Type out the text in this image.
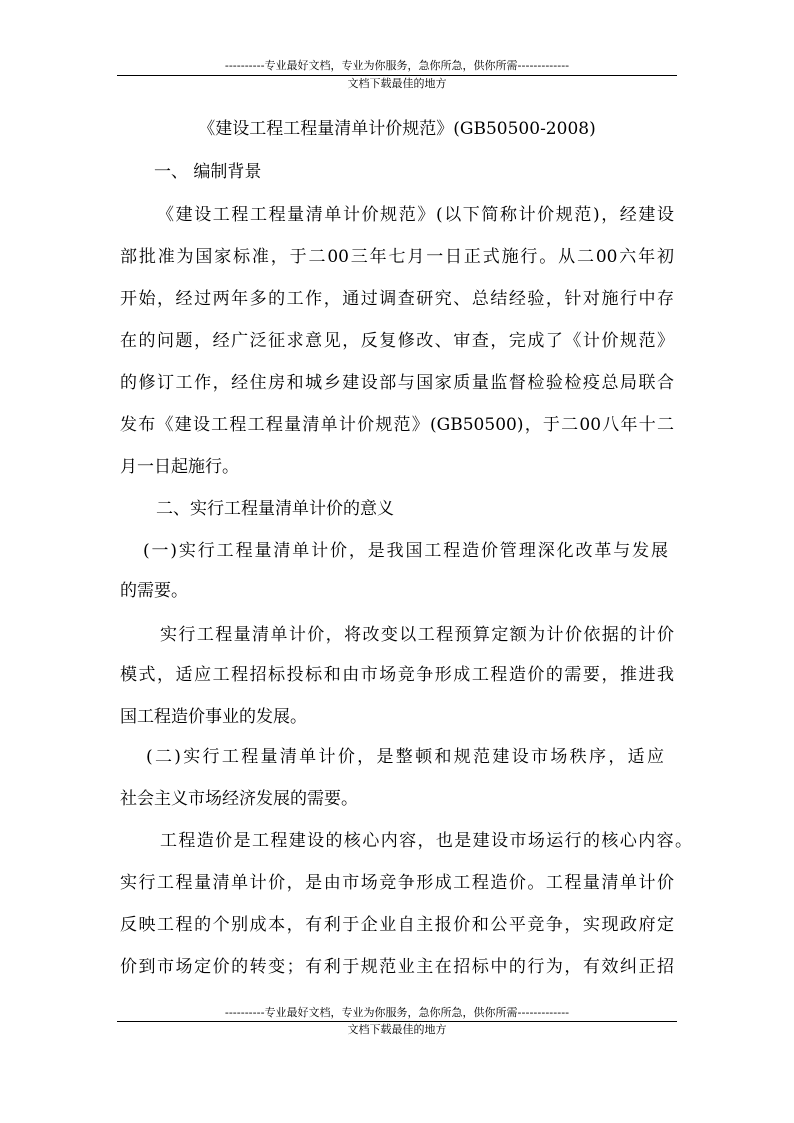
----------专业最好文档，专业为你服务，急你所急，供你所需-------------
文档下载最佳的地方
《建设工程工程量清单计价规范》(GB50500-2008)
一、 编制背景
《建设工程工程量清单计价规范》(以下简称计价规范)，经建设
部批准为国家标准，于二00三年七月一日正式施行。从二00六年初
开始，经过两年多的工作，通过调查研究、总结经验，针对施行中存
在的问题，经广泛征求意见，反复修改、审查，完成了《计价规范》
的修订工作，经住房和城乡建设部与国家质量监督检验检疫总局联合
发布《建设工程工程量清单计价规范》(GB50500)，于二00八年十二
月一日起施行。
二、实行工程量清单计价的意义
(一)实行工程量清单计价，是我国工程造价管理深化改革与发展
的需要。
实行工程量清单计价，将改变以工程预算定额为计价依据的计价
模式，适应工程招标投标和由市场竞争形成工程造价的需要，推进我
国工程造价事业的发展。
(二)实行工程量清单计价，是整顿和规范建设市场秩序，适应
社会主义市场经济发展的需要。
工程造价是工程建设的核心内容，也是建设市场运行的核心内容。
实行工程量清单计价，是由市场竞争形成工程造价。工程量清单计价
反映工程的个别成本，有利于企业自主报价和公平竞争，实现政府定
价到市场定价的转变；有利于规范业主在招标中的行为，有效纠正招
----------专业最好文档，专业为你服务，急你所急，供你所需-------------
文档下载最佳的地方
